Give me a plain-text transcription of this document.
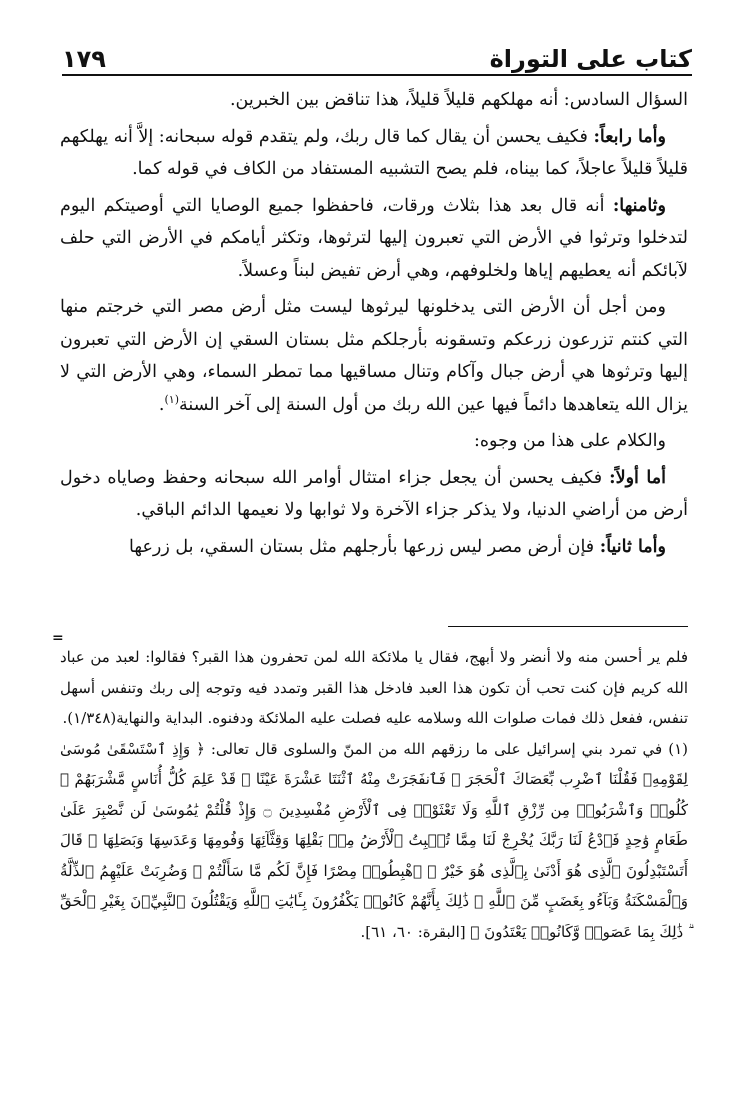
كتاب على التوراة
١٧٩

السؤال السادس: أنه مهلكهم قليلاً قليلاً، هذا تناقض بين الخبرين.

وأما رابعاً: فكيف يحسن أن يقال كما قال ربك، ولم يتقدم قوله سبحانه: إلاَّ أنه يهلكهم قليلاً قليلاً عاجلاً، كما بيناه، فلم يصح التشبيه المستفاد من الكاف في قوله كما.

وثامنها: أنه قال بعد هذا بثلاث ورقات، فاحفظوا جميع الوصايا التي أوصيتكم اليوم لتدخلوا وترثوا في الأرض التي تعبرون إليها لترثوها، وتكثر أيامكم في الأرض التي حلف لآبائكم أنه يعطيهم إياها ولخلوفهم، وهي أرض تفيض لبناً وعسلاً.

ومن أجل أن الأرض التى يدخلونها ليرثوها ليست مثل أرض مصر التي خرجتم منها التي كنتم تزرعون زرعكم وتسقونه بأرجلكم مثل بستان السقي إن الأرض التي تعبرون إليها وترثوها هي أرض جبال وآكام وتنال مساقيها مما تمطر السماء، وهي الأرض التي لا يزال الله يتعاهدها دائماً فيها عين الله ربك من أول السنة إلى آخر السنة$^{(١)}$.

والكلام على هذا من وجوه:

أما أولاً: فكيف يحسن أن يجعل جزاء امتثال أوامر الله سبحانه وحفظ وصاياه دخول أرض من أراضي الدنيا، ولا يذكر جزاء الآخرة ولا ثوابها ولا نعيمها الدائم الباقي.

وأما ثانياً: فإن أرض مصر ليس زرعها بأرجلهم مثل بستان السقي، بل زرعها

=

فلم ير أحسن منه ولا أنضر ولا أبهج، فقال يا ملائكة الله لمن تحفرون هذا القبر؟ فقالوا: لعبد من عباد الله كريم فإن كنت تحب أن تكون هذا العبد فادخل هذا القبر وتمدد فيه وتوجه إلى ربك وتنفس أسهل تنفس، ففعل ذلك فمات صلوات الله وسلامه عليه فصلت عليه الملائكة ودفنوه. البداية والنهاية(١/٣٤٨).

(١)في تمرد بني إسرائيل على ما رزقهم الله من المنّ والسلوى قال تعالى: ﴿ وَإِذِ ٱسْتَسْقَىٰ مُوسَىٰ لِقَوْمِهِۦ فَقُلْنَا ٱضْرِب بِّعَصَاكَ ٱلْحَجَرَ ۖ فَٱنفَجَرَتْ مِنْهُ ٱثْنَتَا عَشْرَةَ عَيْنًا ۖ قَدْ عَلِمَ كُلُّ أُنَاسٍ مَّشْرَبَهُمْ ۖ كُلُوا۟ وَٱشْرَبُوا۟ مِن رِّزْقِ ٱللَّهِ وَلَا تَعْثَوْا۟ فِى ٱلْأَرْضِ مُفْسِدِينَ ۝ وَإِذْ قُلْتُمْ يَٰمُوسَىٰ لَن نَّصْبِرَ عَلَىٰ طَعَامٍ وَٰحِدٍ فَٱدْعُ لَنَا رَبَّكَ يُخْرِجْ لَنَا مِمَّا تُنۢبِتُ ٱلْأَرْضُ مِنۢ بَقْلِهَا وَقِثَّآئِهَا وَفُومِهَا وَعَدَسِهَا وَبَصَلِهَا ۖ قَالَ أَتَسْتَبْدِلُونَ ٱلَّذِى هُوَ أَدْنَىٰ بِٱلَّذِى هُوَ خَيْرٌ ۚ ٱهْبِطُوا۟ مِصْرًا فَإِنَّ لَكُم مَّا سَأَلْتُمْ ۗ وَضُرِبَتْ عَلَيْهِمُ ٱلذِّلَّةُ وَٱلْمَسْكَنَةُ وَبَآءُو بِغَضَبٍ مِّنَ ٱللَّهِ ۗ ذَٰلِكَ بِأَنَّهُمْ كَانُوا۟ يَكْفُرُونَ بِـَٔايَٰتِ ٱللَّهِ وَيَقْتُلُونَ ٱلنَّبِيِّۦنَ بِغَيْرِ ٱلْحَقِّ ۗ ذَٰلِكَ بِمَا عَصَوا۟ وَّكَانُوا۟ يَعْتَدُونَ ﴾ [البقرة: ٦٠، ٦١].
